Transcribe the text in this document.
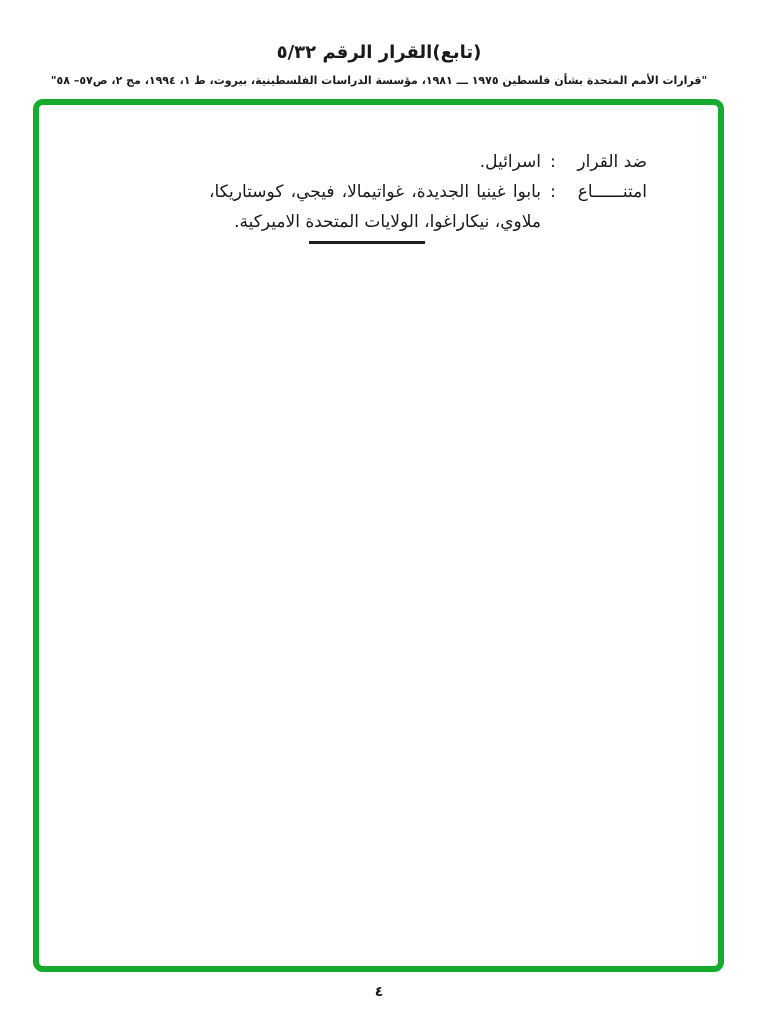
(تابع)القرار الرقم ٥/٣٢
"قرارات الأمم المتحدة بشأن فلسطين ١٩٧٥ ـــ ١٩٨١، مؤسسة الدراسات الفلسطينية، بيروت، ط ١، ١٩٩٤، مج ٢، ص٥٧– ٥٨"
ضد القرار
:
اسرائيل.
امتنــــــاع
:
بابوا غينيا الجديدة، غواتيمالا، فيجي، كوستاريكا، ملاوي، نيكاراغوا، الولايات المتحدة الاميركية.
٤
